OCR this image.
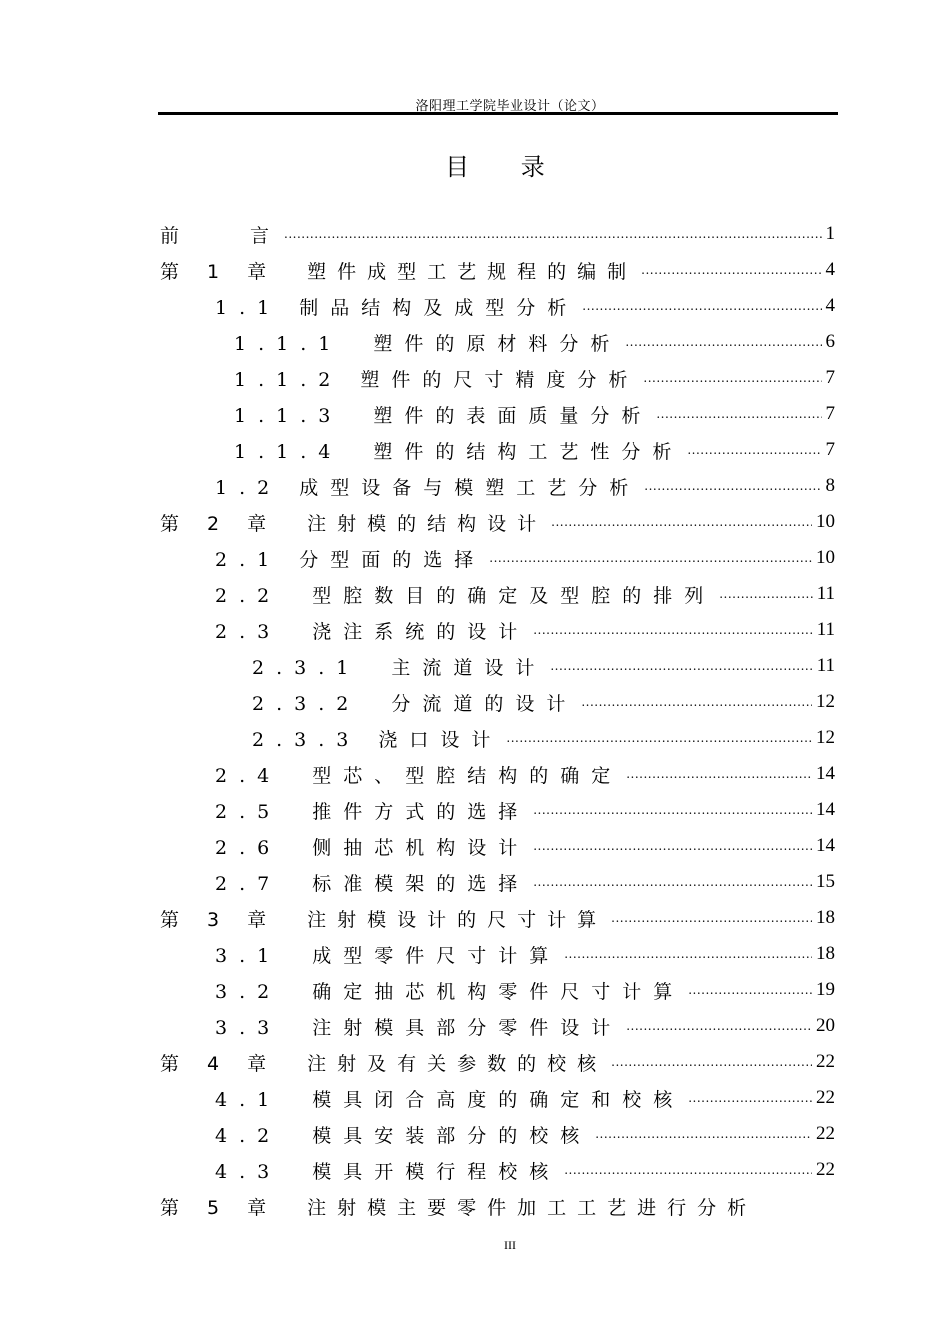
洛阳理工学院毕业设计（论文）
目 录
前　　言 .....	1
第 1 章　塑件成型工艺规程的编制 .....	4
1.1 制品结构及成型分析 .....	4
1.1.1　塑件的原材料分析 .....	6
1.1.2 塑件的尺寸精度分析 .....	7
1.1.3　塑件的表面质量分析 .....	7
1.1.4　塑件的结构工艺性分析 .....	7
1.2 成型设备与模塑工艺分析 .....	8
第 2 章　注射模的结构设计 .....	10
2.1 分型面的选择 .....	10
2.2　型腔数目的确定及型腔的排列 .....	11
2.3　浇注系统的设计 .....	11
2.3.1　主流道设计 .....	11
2.3.2　分流道的设计 .....	12
2.3.3 浇口设计 .....	12
2.4　型芯、型腔结构的确定 .....	14
2.5　推件方式的选择 .....	14
2.6　侧抽芯机构设计 .....	14
2.7　标准模架的选择 .....	15
第 3 章　注射模设计的尺寸计算 .....	18
3.1　成型零件尺寸计算 .....	18
3.2　确定抽芯机构零件尺寸计算 .....	19
3.3　注射模具部分零件设计 .....	20
第 4 章　注射及有关参数的校核 .....	22
4.1　模具闭合高度的确定和校核 .....	22
4.2　模具安装部分的校核 .....	22
4.3　模具开模行程校核 .....	22
第 5 章　注射模主要零件加工工艺进行分析
III
